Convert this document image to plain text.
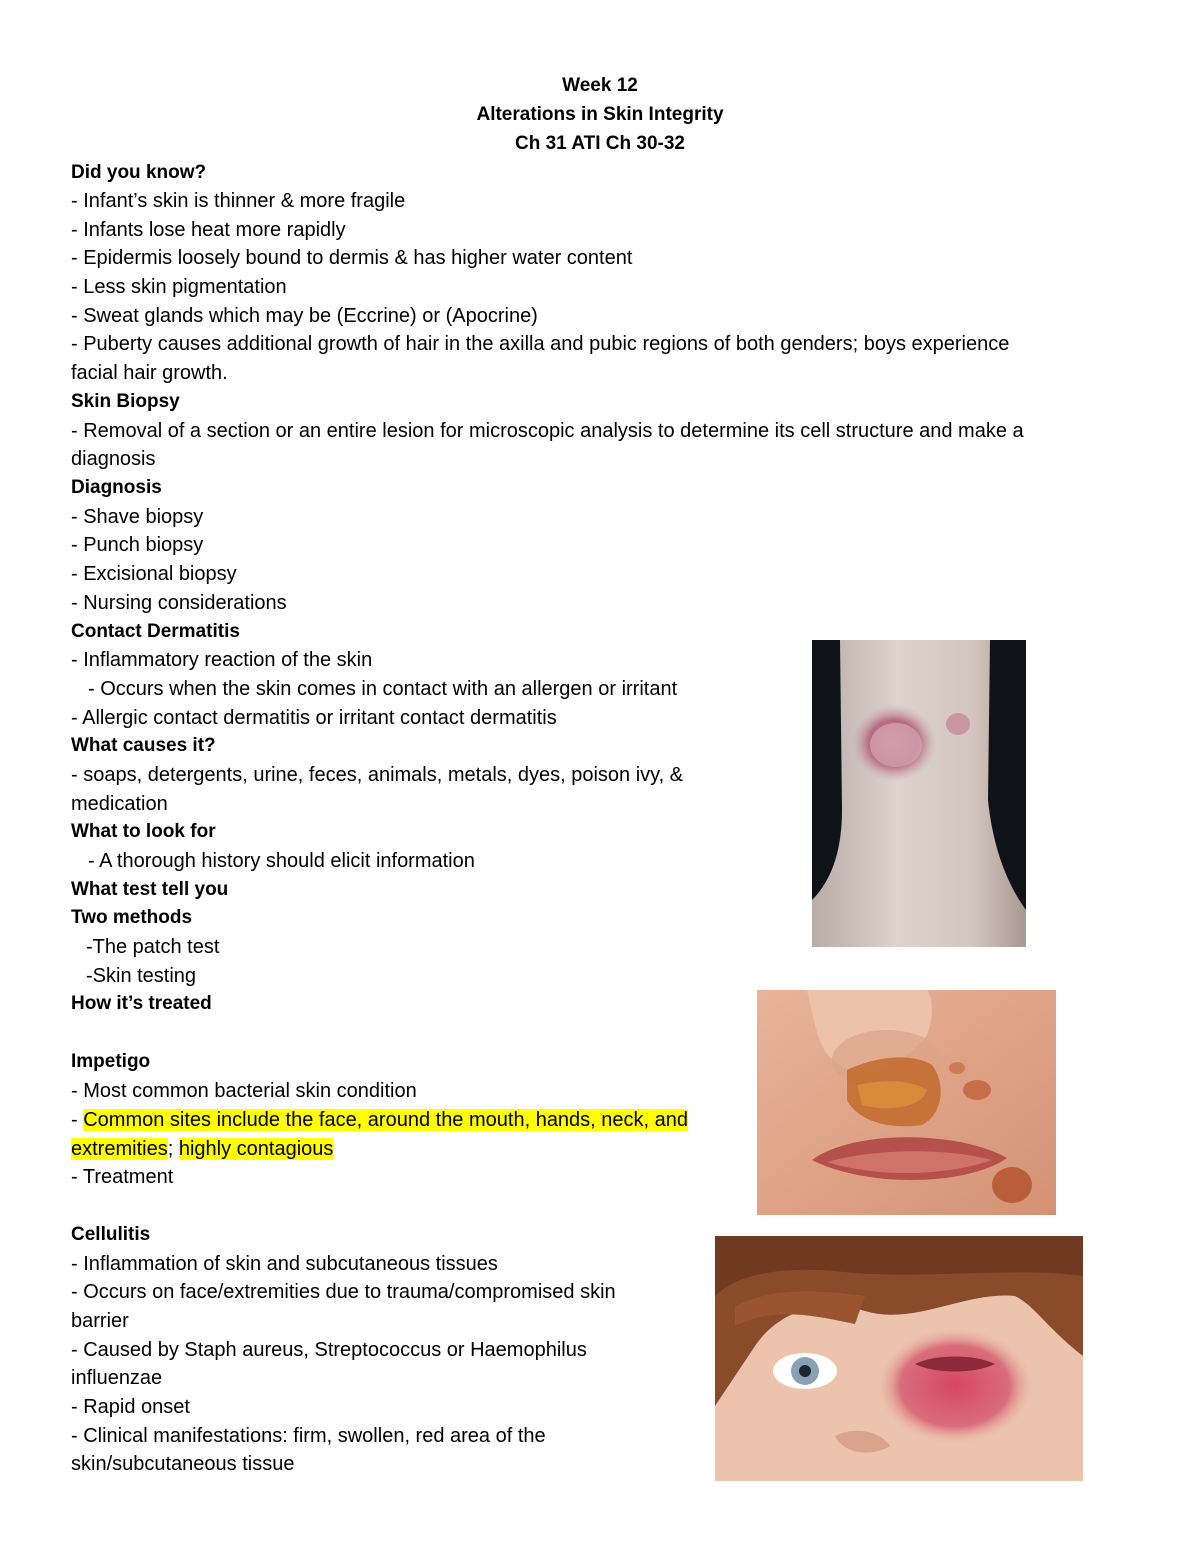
Week 12
Alterations in Skin Integrity
Ch 31 ATI Ch 30-32
Did you know?
- Infant’s skin is thinner & more fragile
- Infants lose heat more rapidly
- Epidermis loosely bound to dermis & has higher water content
- Less skin pigmentation
- Sweat glands which may be (Eccrine) or (Apocrine)
- Puberty causes additional growth of hair in the axilla and pubic regions of both genders; boys experience
facial hair growth.
Skin Biopsy
- Removal of a section or an entire lesion for microscopic analysis to determine its cell structure and make a
diagnosis
Diagnosis
- Shave biopsy
- Punch biopsy
- Excisional biopsy
- Nursing considerations
Contact Dermatitis
- Inflammatory reaction of the skin
- Occurs when the skin comes in contact with an allergen or irritant
- Allergic contact dermatitis or irritant contact dermatitis
What causes it?
- soaps, detergents, urine, feces, animals, metals, dyes, poison ivy, &
medication
What to look for
- A thorough history should elicit information
What test tell you
Two methods
-The patch test
-Skin testing
How it’s treated
Impetigo
- Most common bacterial skin condition
- Common sites include the face, around the mouth, hands, neck, and
extremities; highly contagious
- Treatment
Cellulitis
- Inflammation of skin and subcutaneous tissues
- Occurs on face/extremities due to trauma/compromised skin
barrier
- Caused by Staph aureus, Streptococcus or Haemophilus
influenzae
- Rapid onset
- Clinical manifestations: firm, swollen, red area of the
skin/subcutaneous tissue
